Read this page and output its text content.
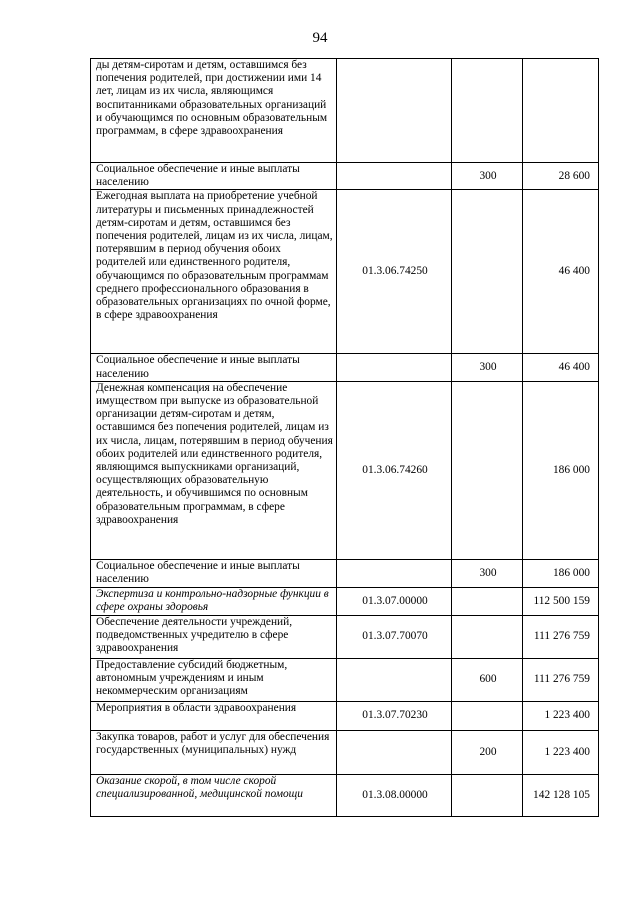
94
ды детям-сиротам и детям, оставшимся без попечения родителей, при достижении ими 14 лет, лицам из их числа, являющимся воспитанниками образовательных организаций и обучающимся по основным образовательным программам, в сфере здравоохранения			
Социальное обеспечение и иные выплаты населению		300	28 600
Ежегодная выплата на приобретение учебной литературы и письменных принадлежностей детям-сиротам и детям, оставшимся без попечения родителей, лицам из их числа, лицам, потерявшим в период обучения обоих родителей или единственного родителя, обучающимся по образовательным программам среднего профессионального образования в образовательных организациях по очной форме, в сфере здравоохранения	01.3.06.74250		46 400
Социальное обеспечение и иные выплаты населению		300	46 400
Денежная компенсация на обеспечение имуществом при выпуске из образовательной организации детям-сиротам и детям, оставшимся без попечения родителей, лицам из их числа, лицам, потерявшим в период обучения обоих родителей или единственного родителя, являющимся выпускниками организаций, осуществляющих образовательную деятельность, и обучившимся по основным образовательным программам, в сфере здравоохранения	01.3.06.74260		186 000
Социальное обеспечение и иные выплаты населению		300	186 000
Экспертиза и контрольно-надзорные функции в сфере охраны здоровья	01.3.07.00000		112 500 159
Обеспечение деятельности учреждений, подведомственных учредителю в сфере здравоохранения	01.3.07.70070		111 276 759
Предоставление субсидий бюджетным, автономным учреждениям и иным некоммерческим организациям		600	111 276 759
Мероприятия в области здравоохранения	01.3.07.70230		1 223 400
Закупка товаров, работ и услуг для обеспечения государственных (муниципальных) нужд		200	1 223 400
Оказание скорой, в том числе скорой специализированной, медицинской помощи	01.3.08.00000		142 128 105
